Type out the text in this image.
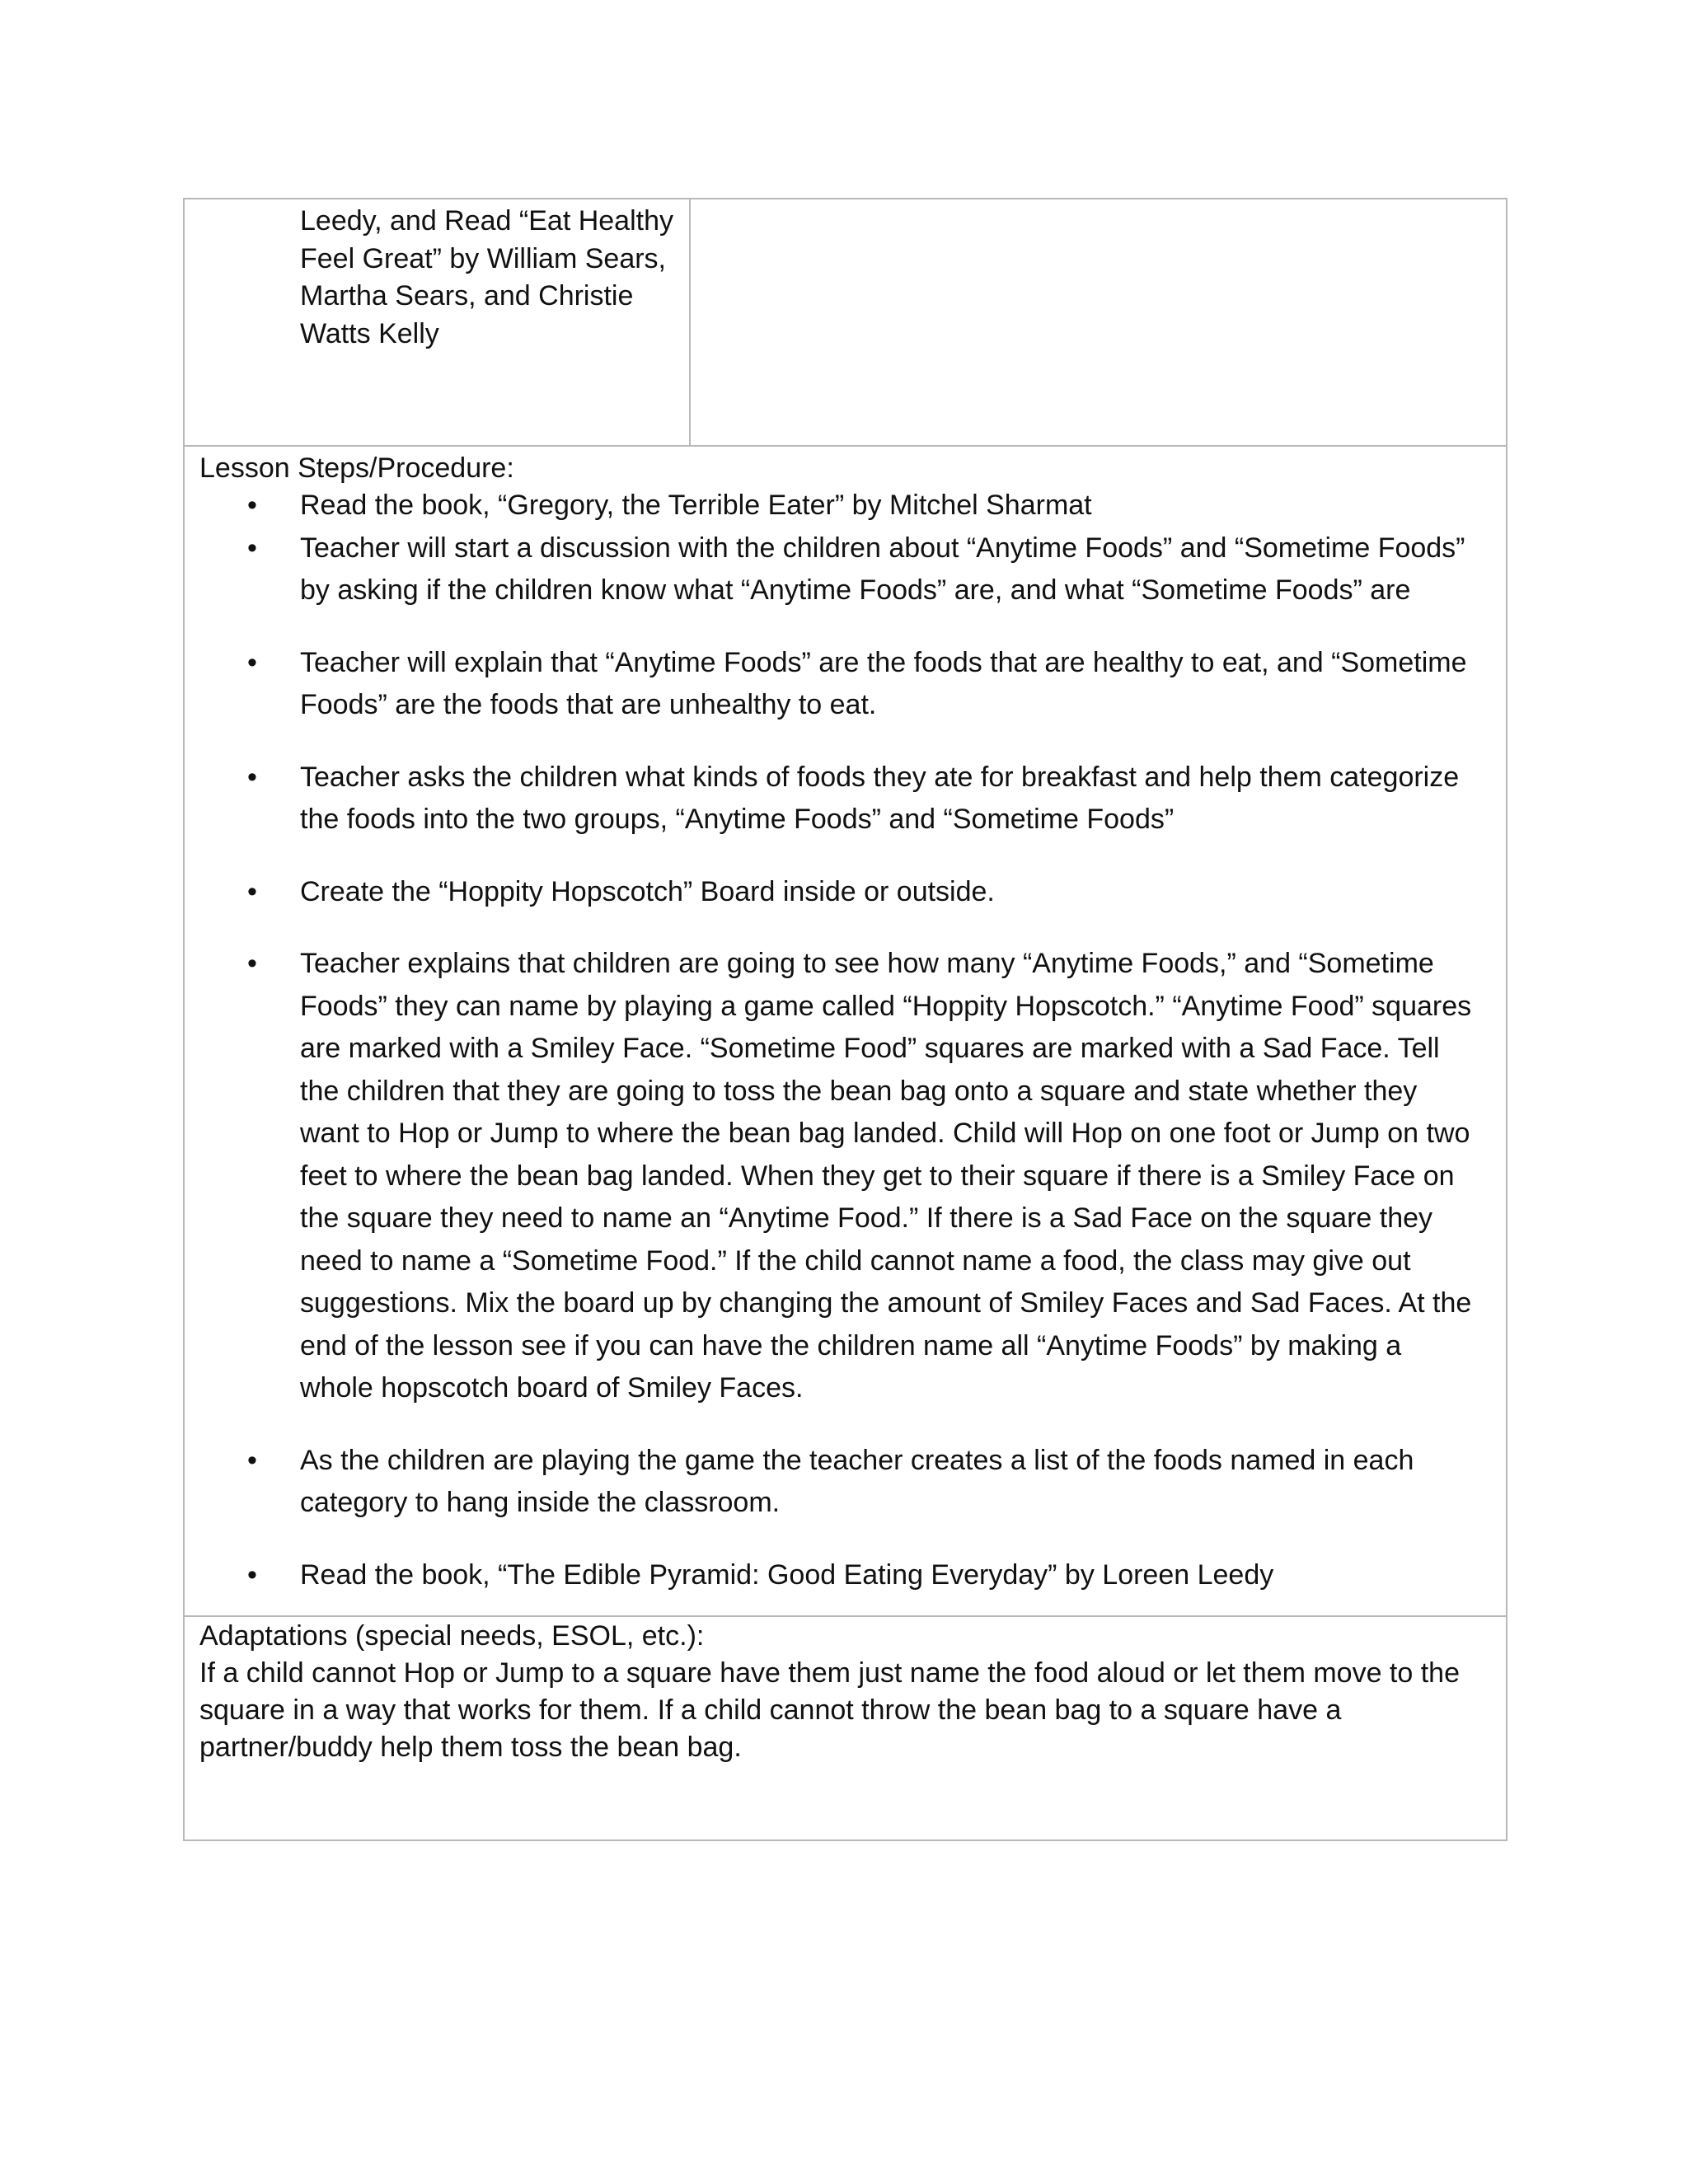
Leedy, and Read “Eat Healthy
Feel Great” by William Sears,
Martha Sears, and Christie
Watts Kelly
Lesson Steps/Procedure:
• Read the book, “Gregory, the Terrible Eater” by Mitchel Sharmat
• Teacher will start a discussion with the children about “Anytime Foods” and “Sometime Foods” by asking if the children know what “Anytime Foods” are, and what “Sometime Foods” are
• Teacher will explain that “Anytime Foods” are the foods that are healthy to eat, and “Sometime Foods” are the foods that are unhealthy to eat.
• Teacher asks the children what kinds of foods they ate for breakfast and help them categorize the foods into the two groups, “Anytime Foods” and “Sometime Foods”
• Create the “Hoppity Hopscotch” Board inside or outside.
• Teacher explains that children are going to see how many “Anytime Foods,” and “Sometime Foods” they can name by playing a game called “Hoppity Hopscotch.” “Anytime Food” squares are marked with a Smiley Face. “Sometime Food” squares are marked with a Sad Face. Tell the children that they are going to toss the bean bag onto a square and state whether they want to Hop or Jump to where the bean bag landed. Child will Hop on one foot or Jump on two feet to where the bean bag landed. When they get to their square if there is a Smiley Face on the square they need to name an “Anytime Food.” If there is a Sad Face on the square they need to name a “Sometime Food.” If the child cannot name a food, the class may give out suggestions. Mix the board up by changing the amount of Smiley Faces and Sad Faces. At the end of the lesson see if you can have the children name all “Anytime Foods” by making a whole hopscotch board of Smiley Faces.
• As the children are playing the game the teacher creates a list of the foods named in each category to hang inside the classroom.
• Read the book, “The Edible Pyramid: Good Eating Everyday” by Loreen Leedy
Adaptations (special needs, ESOL, etc.):
If a child cannot Hop or Jump to a square have them just name the food aloud or let them move to the square in a way that works for them. If a child cannot throw the bean bag to a square have a partner/buddy help them toss the bean bag.
